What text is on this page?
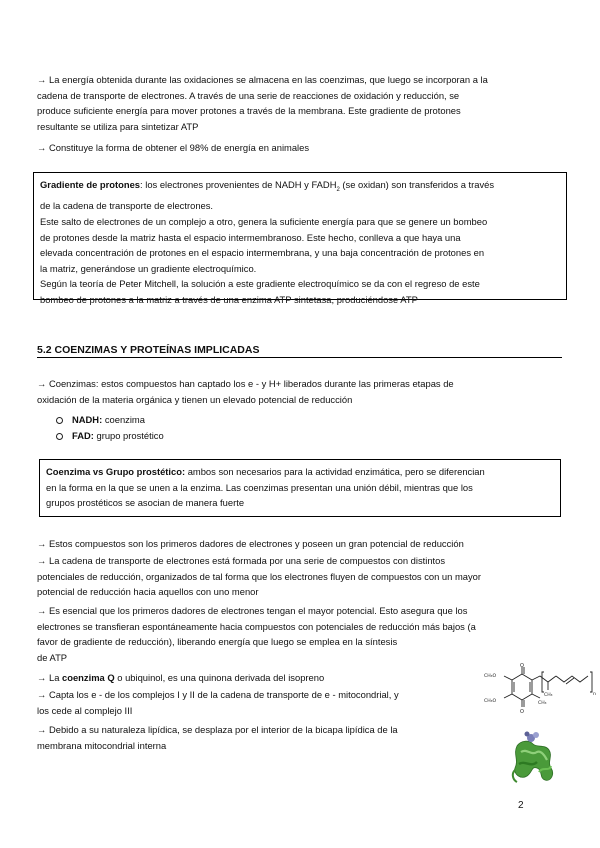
→ La energía obtenida durante las oxidaciones se almacena en las coenzimas, que luego se incorporan a la
cadena de transporte de electrones. A través de una serie de reacciones de oxidación y reducción, se
produce suficiente energía para mover protones a través de la membrana. Este gradiente de protones
resultante se utiliza para sintetizar ATP

→ Constituye la forma de obtener el 98% de energía en animales

Gradiente de protones: los electrones provenientes de NADH y $FADH_2$ (se oxidan) son transferidos a través
de la cadena de transporte de electrones.
Este salto de electrones de un complejo a otro, genera la suficiente energía para que se genere un bombeo
de protones desde la matriz hasta el espacio intermembranoso. Este hecho, conlleva a que haya una
elevada concentración de protones en el espacio intermembrana, y una baja concentración de protones en
la matriz, generándose un gradiente electroquímico.
Según la teoría de Peter Mitchell, la solución a este gradiente electroquímico se da con el regreso de este
bombeo de protones a la matriz a través de una enzima ATP sintetasa, produciéndose ATP
5.2 COENZIMAS Y PROTEÍNAS IMPLICADAS

→ Coenzimas: estos compuestos han captado los e - y H+ liberados durante las primeras etapas de
oxidación de la materia orgánica y tienen un elevado potencial de reducción

NADH: coenzima
FAD: grupo prostético
Coenzima vs Grupo prostético: ambos son necesarios para la actividad enzimática, pero se diferencian
en la forma en la que se unen a la enzima. Las coenzimas presentan una unión débil, mientras que los
grupos prostéticos se asocian de manera fuerte

→ Estos compuestos son los primeros dadores de electrones y poseen un gran potencial de reducción

→ La cadena de transporte de electrones está formada por una serie de compuestos con distintos
potenciales de reducción, organizados de tal forma que los electrones fluyen de compuestos con un mayor
potencial de reducción hacia aquellos con uno menor

→ Es esencial que los primeros dadores de electrones tengan el mayor potencial. Esto asegura que los
electrones se transfieran espontáneamente hacia compuestos con potenciales de reducción más bajos (a
favor de gradiente de reducción), liberando energía que luego se emplea en la síntesis
de ATP

→ La coenzima Q o ubiquinol, es una quinona derivada del isopreno

→ Capta los e - de los complejos I y II de la cadena de transporte de e - mitocondrial, y
los cede al complejo III

→ Debido a su naturaleza lipídica, se desplaza por el interior de la bicapa lipídica de la
membrana mitocondrial interna

O
O
CH₃O
CH₃O	CH₃
CH₃	n
2
